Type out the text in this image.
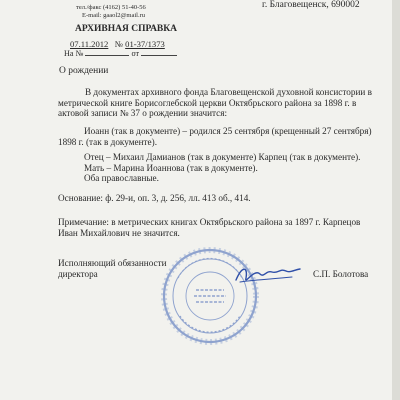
тел./факс (4162) 51-40-56
E-mail: gaaol2@mail.ru
г. Благовещенск, 690002
АРХИВНАЯ СПРАВКА
07.11.2012 № 01-37/1373
На №	от
О рождении
В документах архивного фонда Благовещенской духовной консистории в
метрической книге Борисоглебской церкви Октябрьского района за 1898 г. в
актовой записи № 37 о рождении значится:
Иоанн (так в документе) – родился 25 сентября (крещенный 27 сентября)
1898 г. (так в документе).
Отец – Михаил Дамианов (так в документе) Карпец (так в документе).
Мать – Марина Иоаннова (так в документе).
Оба православные.
Основание: ф. 29-и, оп. 3, д. 256, лл. 413 об., 414.
Примечание: в метрических книгах Октябрьского района за 1897 г. Карпецов
Иван Михайлович не значится.
Исполняющий обязанности
директора	С.П. Болотова
